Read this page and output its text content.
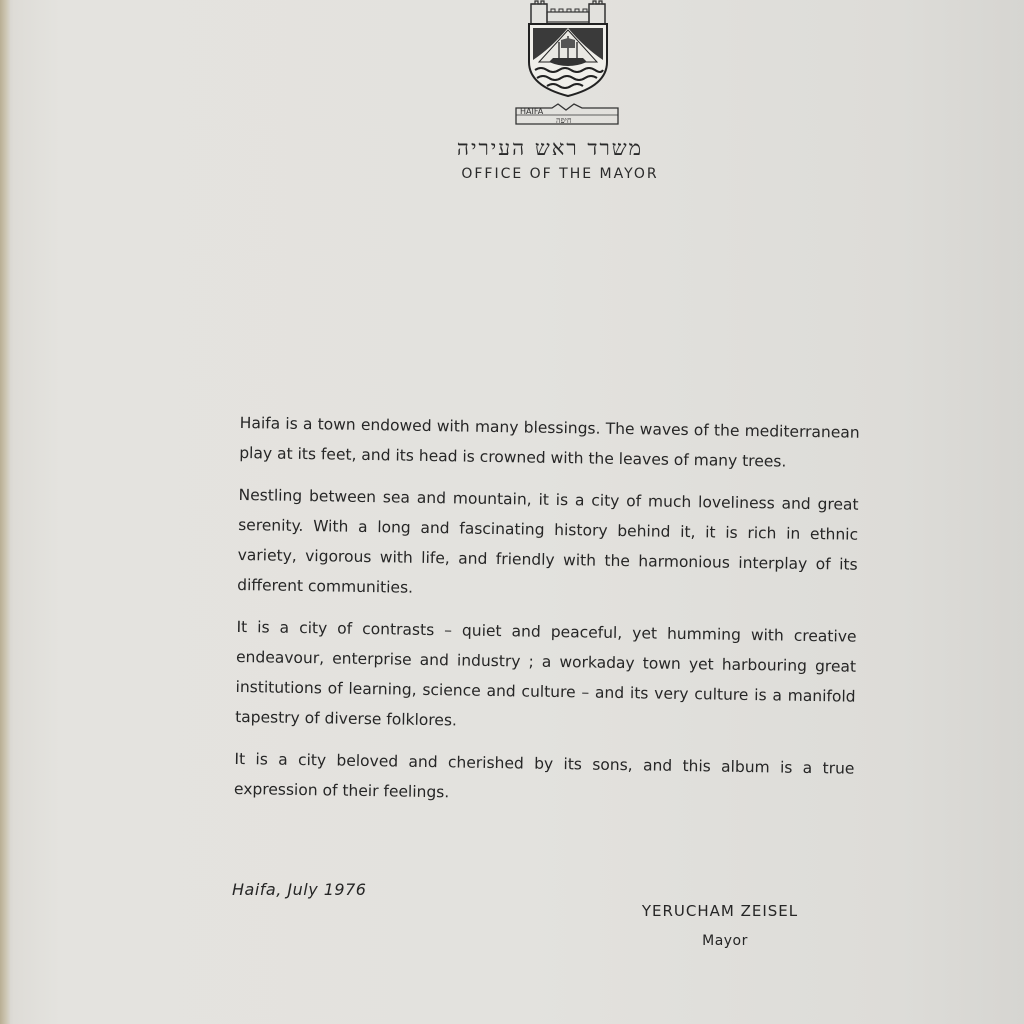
HAIFA
חיפה
משרד ראש העיריה
OFFICE OF THE MAYOR

Haifa is a town endowed with many blessings. The waves of the mediterranean play at its feet, and its head is crowned with the leaves of many trees.

Nestling between sea and mountain, it is a city of much loveliness and great serenity. With a long and fascinating history behind it, it is rich in ethnic variety, vigorous with life, and friendly with the harmonious interplay of its different communities.

It is a city of contrasts – quiet and peaceful, yet humming with creative endeavour, enterprise and industry ; a workaday town yet harbouring great institutions of learning, science and culture – and its very culture is a manifold tapestry of diverse folklores.

It is a city beloved and cherished by its sons, and this album is a true expression of their feelings.

Haifa, July 1976
YERUCHAM ZEISEL
Mayor
